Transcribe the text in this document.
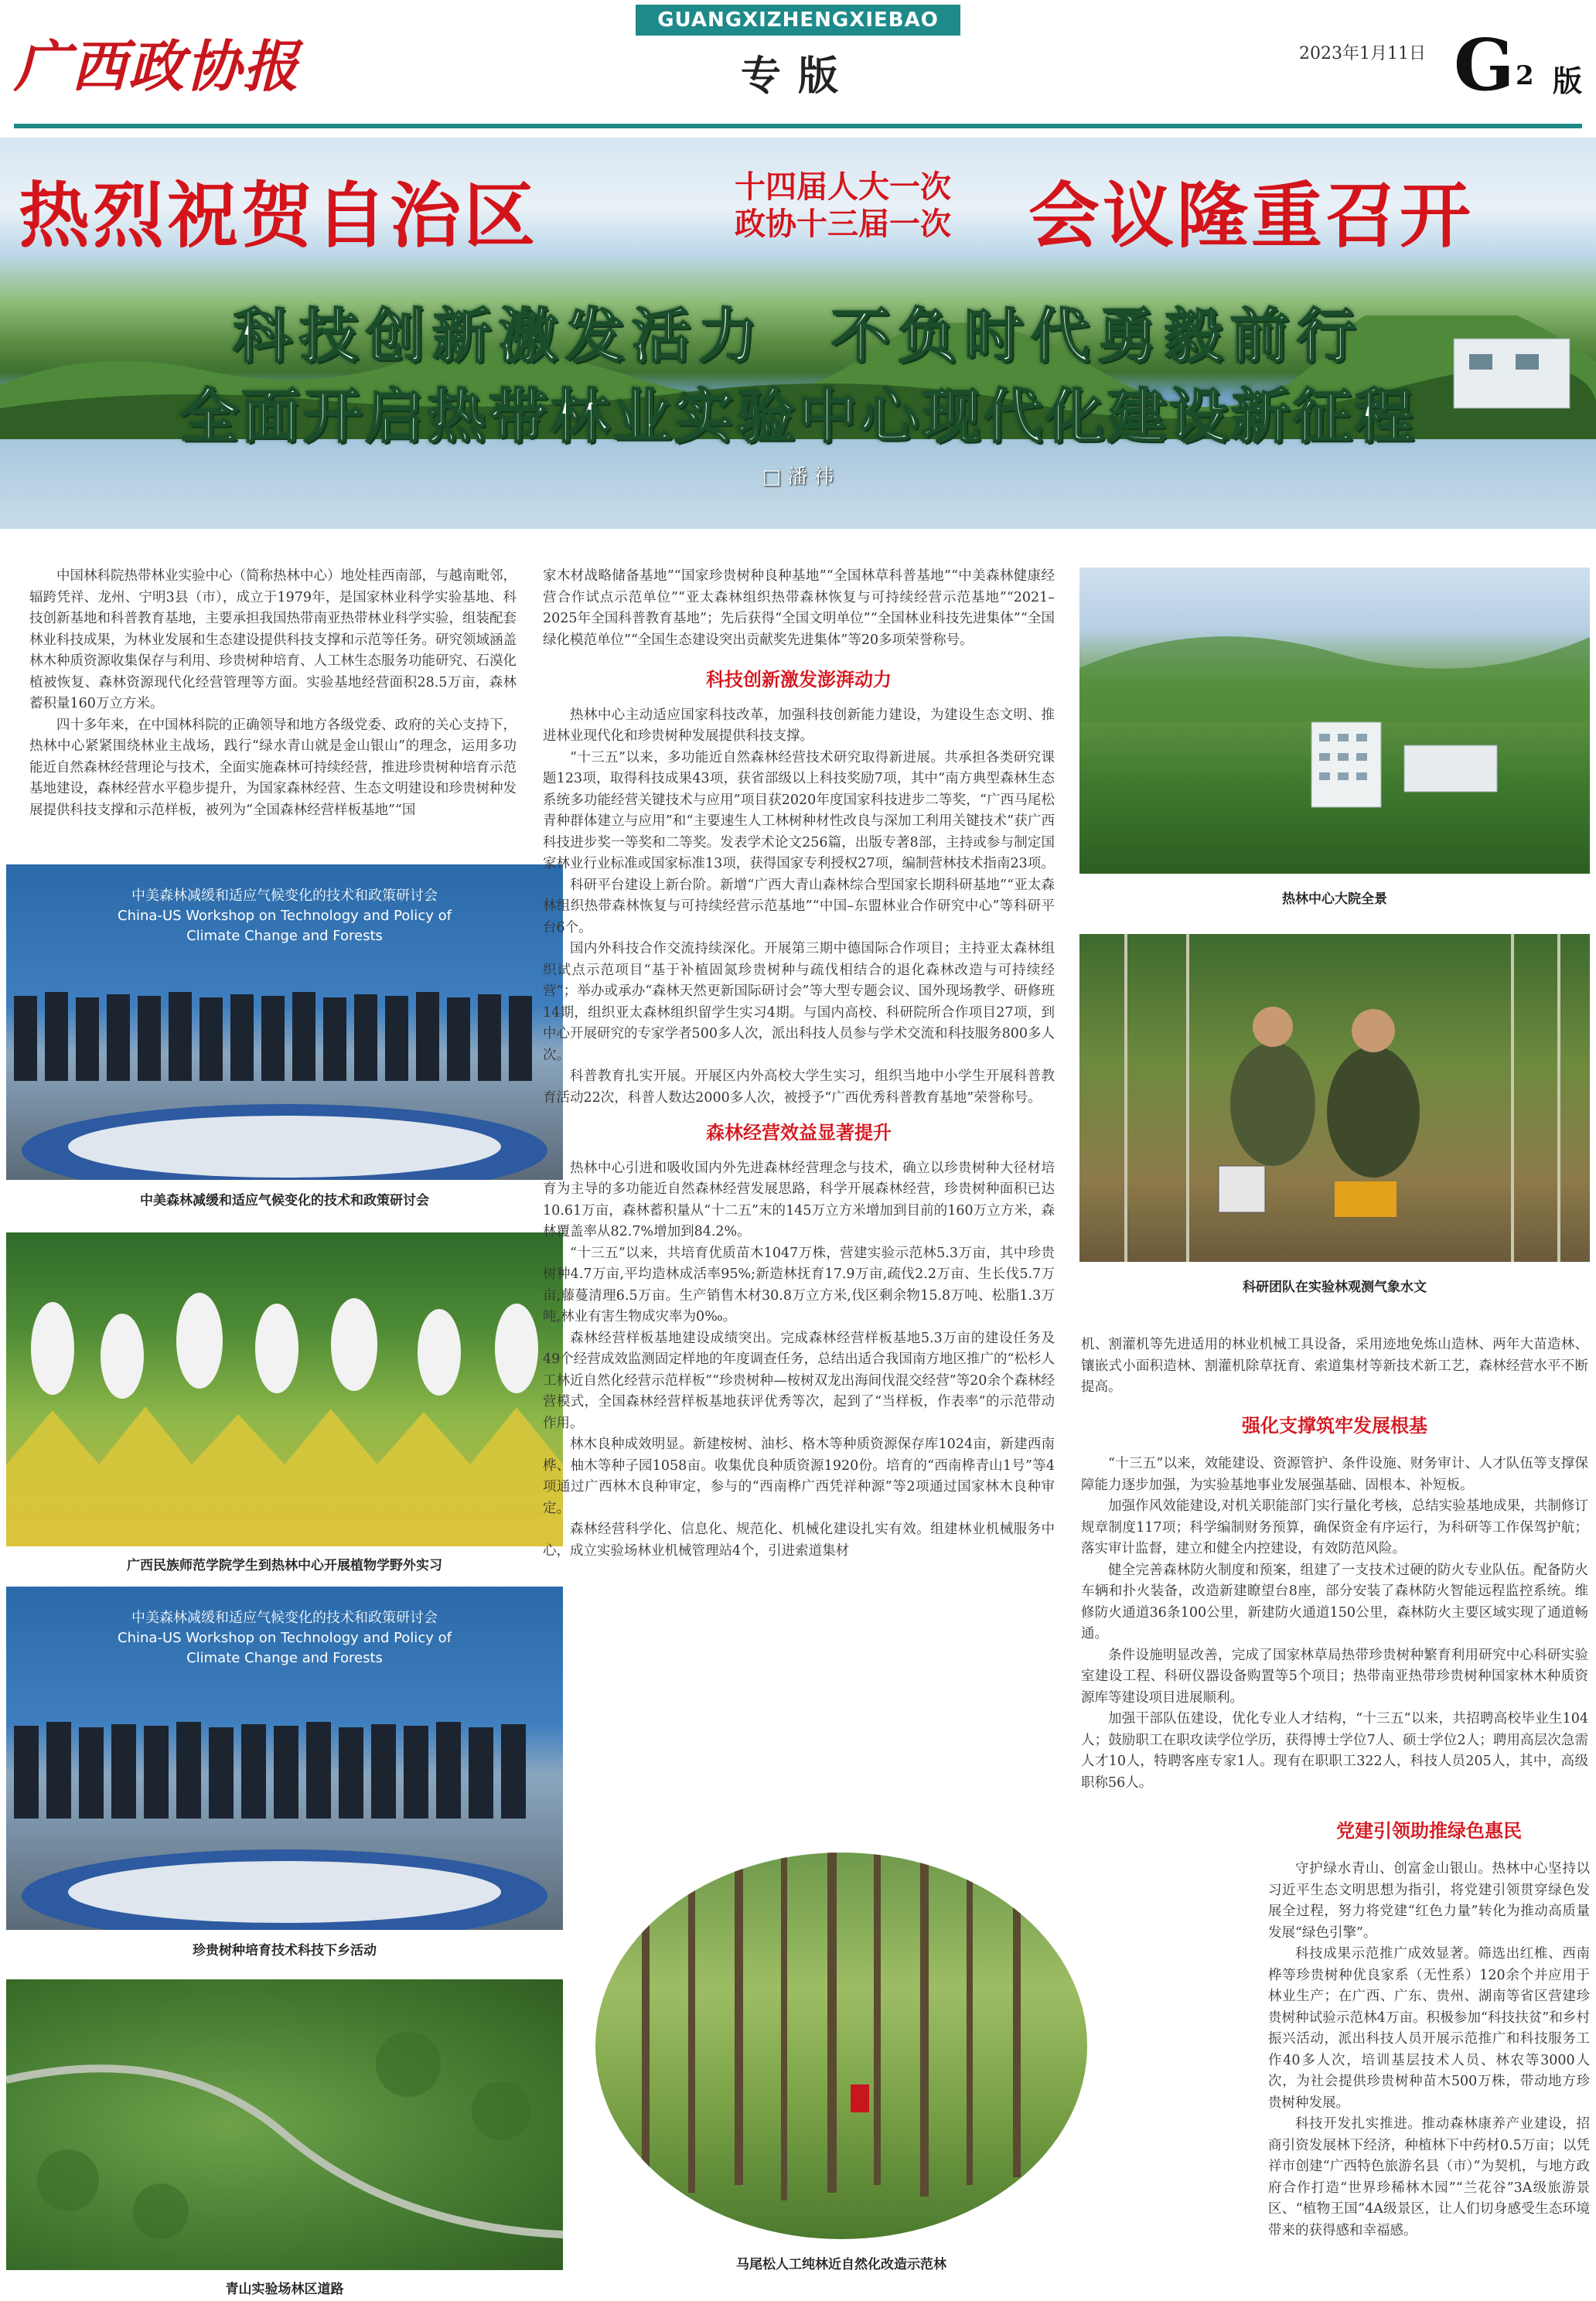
广西政协报
GUANGXIZHENGXIEBAO
专版	2023年1月11日 G 2 版
热烈祝贺自治区	十四届人大一次
政协十三届一次	会议隆重召开
科技创新激发活力　不负时代勇毅前行
全面开启热带林业实验中心现代化建设新征程
□ 潘 祎

中国林科院热带林业实验中心（简称热林中心）地处桂西南部，与越南毗邻，辐跨凭祥、龙州、宁明3县（市），成立于1979年，是国家林业科学实验基地、科技创新基地和科普教育基地，主要承担我国热带南亚热带林业科学实验，组装配套林业科技成果，为林业发展和生态建设提供科技支撑和示范等任务。研究领域涵盖林木种质资源收集保存与利用、珍贵树种培育、人工林生态服务功能研究、石漠化植被恢复、森林资源现代化经营管理等方面。实验基地经营面积28.5万亩，森林蓄积量160万立方米。

四十多年来，在中国林科院的正确领导和地方各级党委、政府的关心支持下，热林中心紧紧围绕林业主战场，践行“绿水青山就是金山银山”的理念，运用多功能近自然森林经营理论与技术，全面实施森林可持续经营，推进珍贵树种培育示范基地建设，森林经营水平稳步提升，为国家森林经营、生态文明建设和珍贵树种发展提供科技支撑和示范样板，被列为“全国森林经营样板基地”“国

中美森林减缓和适应气候变化的技术和政策研讨会
China-US Workshop on Technology and Policy of
Climate Change and Forests
中美森林减缓和适应气候变化的技术和政策研讨会
广西民族师范学院学生到热林中心开展植物学野外实习
中美森林减缓和适应气候变化的技术和政策研讨会
China-US Workshop on Technology and Policy of
Climate Change and Forests
珍贵树种培育技术科技下乡活动
青山实验场林区道路

家木材战略储备基地”“国家珍贵树种良种基地”“全国林草科普基地”“中美森林健康经营合作试点示范单位”“亚太森林组织热带森林恢复与可持续经营示范基地”“2021–2025年全国科普教育基地”；先后获得“全国文明单位”“全国林业科技先进集体”“全国绿化模范单位”“全国生态建设突出贡献奖先进集体”等20多项荣誉称号。

科技创新激发澎湃动力

热林中心主动适应国家科技改革，加强科技创新能力建设，为建设生态文明、推进林业现代化和珍贵树种发展提供科技支撑。

“十三五”以来，多功能近自然森林经营技术研究取得新进展。共承担各类研究课题123项，取得科技成果43项，获省部级以上科技奖励7项，其中“南方典型森林生态系统多功能经营关键技术与应用”项目获2020年度国家科技进步二等奖，“广西马尾松青种群体建立与应用”和“主要速生人工林树种材性改良与深加工利用关键技术”获广西科技进步奖一等奖和二等奖。发表学术论文256篇，出版专著8部，主持或参与制定国家林业行业标准或国家标准13项，获得国家专利授权27项，编制营林技术指南23项。

科研平台建设上新台阶。新增“广西大青山森林综合型国家长期科研基地”“亚太森林组织热带森林恢复与可持续经营示范基地”“中国–东盟林业合作研究中心”等科研平台6个。

国内外科技合作交流持续深化。开展第三期中德国际合作项目；主持亚太森林组织试点示范项目“基于补植固氮珍贵树种与疏伐相结合的退化森林改造与可持续经营”；举办或承办“森林天然更新国际研讨会”等大型专题会议、国外现场教学、研修班14期，组织亚太森林组织留学生实习4期。与国内高校、科研院所合作项目27项，到中心开展研究的专家学者500多人次，派出科技人员参与学术交流和科技服务800多人次。

科普教育扎实开展。开展区内外高校大学生实习，组织当地中小学生开展科普教育活动22次，科普人数达2000多人次，被授予“广西优秀科普教育基地”荣誉称号。

森林经营效益显著提升

热林中心引进和吸收国内外先进森林经营理念与技术，确立以珍贵树种大径材培育为主导的多功能近自然森林经营发展思路，科学开展森林经营，珍贵树种面积已达10.61万亩，森林蓄积量从“十二五”末的145万立方米增加到目前的160万立方米，森林覆盖率从82.7%增加到84.2%。

“十三五”以来，共培育优质苗木1047万株，营建实验示范林5.3万亩，其中珍贵树种4.7万亩,平均造林成活率95%;新造林抚育17.9万亩,疏伐2.2万亩、生长伐5.7万亩,藤蔓清理6.5万亩。生产销售木材30.8万立方米,伐区剩余物15.8万吨、松脂1.3万吨,林业有害生物成灾率为0‰。

森林经营样板基地建设成绩突出。完成森林经营样板基地5.3万亩的建设任务及49个经营成效监测固定样地的年度调查任务，总结出适合我国南方地区推广的“松杉人工林近自然化经营示范样板”“珍贵树种—桉树双龙出海间伐混交经营”等20余个森林经营模式，全国森林经营样板基地获评优秀等次，起到了“当样板，作表率”的示范带动作用。

林木良种成效明显。新建桉树、油杉、格木等种质资源保存库1024亩，新建西南桦、柚木等种子园1058亩。收集优良种质资源1920份。培育的“西南桦青山1号”等4项通过广西林木良种审定，参与的“西南桦广西凭祥种源”等2项通过国家林木良种审定。

森林经营科学化、信息化、规范化、机械化建设扎实有效。组建林业机械服务中心，成立实验场林业机械管理站4个，引进索道集材

马尾松人工纯林近自然化改造示范林
热林中心大院全景
科研团队在实验林观测气象水文

机、割灌机等先进适用的林业机械工具设备，采用迹地免炼山造林、两年大苗造林、镶嵌式小面积造林、割灌机除草抚育、索道集材等新技术新工艺，森林经营水平不断提高。

强化支撑筑牢发展根基

“十三五”以来，效能建设、资源管护、条件设施、财务审计、人才队伍等支撑保障能力逐步加强，为实验基地事业发展强基础、固根本、补短板。

加强作风效能建设,对机关职能部门实行量化考核，总结实验基地成果，共制修订规章制度117项；科学编制财务预算，确保资金有序运行，为科研等工作保驾护航；落实审计监督，建立和健全内控建设，有效防范风险。

健全完善森林防火制度和预案，组建了一支技术过硬的防火专业队伍。配备防火车辆和扑火装备，改造新建瞭望台8座，部分安装了森林防火智能远程监控系统。维修防火通道36条100公里，新建防火通道150公里，森林防火主要区域实现了通道畅通。

条件设施明显改善，完成了国家林草局热带珍贵树种繁育利用研究中心科研实验室建设工程、科研仪器设备购置等5个项目；热带南亚热带珍贵树种国家林木种质资源库等建设项目进展顺利。

加强干部队伍建设，优化专业人才结构，“十三五”以来，共招聘高校毕业生104人；鼓励职工在职攻读学位学历，获得博士学位7人、硕士学位2人；聘用高层次急需人才10人，特聘客座专家1人。现有在职职工322人，科技人员205人，其中，高级职称56人。

党建引领助推绿色惠民

守护绿水青山、创富金山银山。热林中心坚持以习近平生态文明思想为指引，将党建引领贯穿绿色发展全过程，努力将党建“红色力量”转化为推动高质量发展“绿色引擎”。

科技成果示范推广成效显著。筛选出红椎、西南桦等珍贵树种优良家系（无性系）120余个并应用于林业生产；在广西、广东、贵州、湖南等省区营建珍贵树种试验示范林4万亩。积极参加“科技扶贫”和乡村振兴活动，派出科技人员开展示范推广和科技服务工作40多人次，培训基层技术人员、林农等3000人次，为社会提供珍贵树种苗木500万株，带动地方珍贵树种发展。

科技开发扎实推进。推动森林康养产业建设，招商引资发展林下经济，种植林下中药材0.5万亩；以凭祥市创建“广西特色旅游名县（市）”为契机，与地方政府合作打造“世界珍稀林木园”“兰花谷”3A级旅游景区、“植物王国”4A级景区，让人们切身感受生态环境带来的获得感和幸福感。
